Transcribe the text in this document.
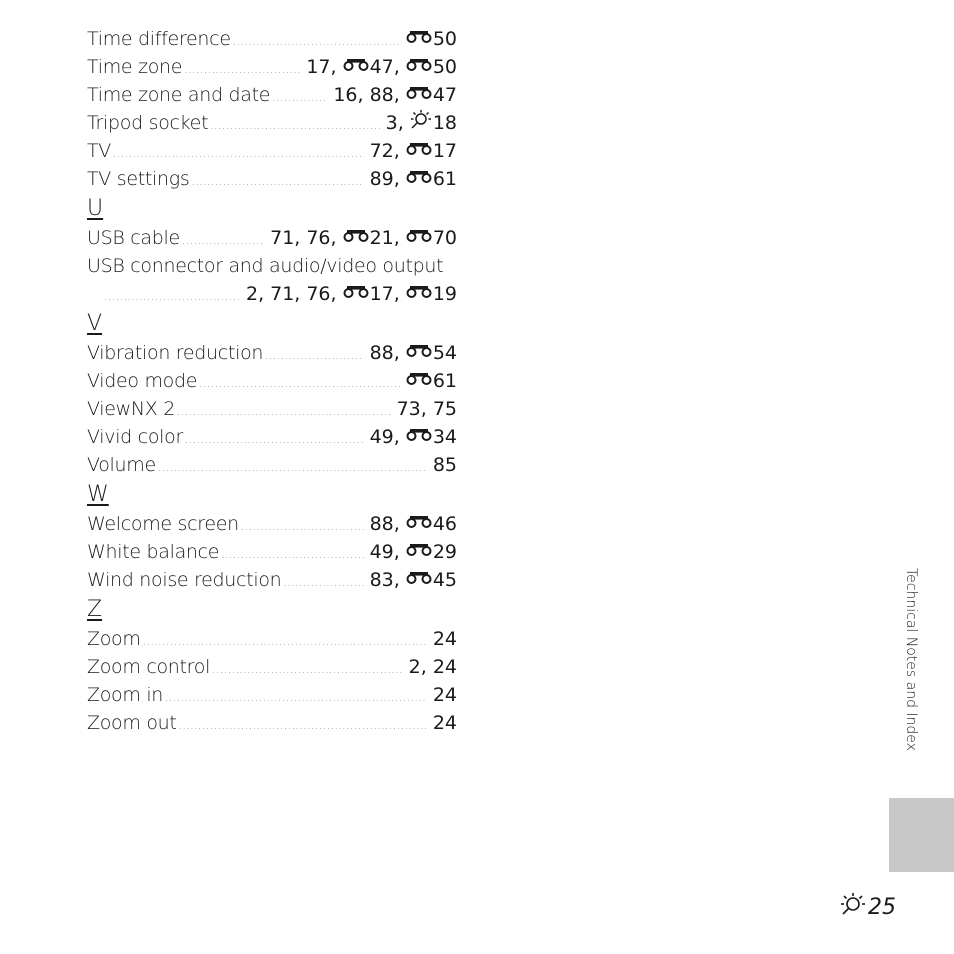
Time difference .....	50
Time zone .....	17 , 47 , 50
Time zone and date .....	16 , 88 , 47
Tripod socket .....	3 , 18
TV .....	72 , 17
TV settings .....	89 , 61
U
USB cable .....	71 , 76 , 21 , 70
USB connector and audio/video output
.....
2 , 71 , 76 , 17 , 19
V
Vibration reduction .....	88 , 54
Video mode .....	61
ViewNX 2 .....	73 , 75
Vivid color .....	49 , 34
Volume .....	85
W
Welcome screen .....	88 , 46
White balance .....	49 , 29
Wind noise reduction .....	83 , 45
Z
Zoom .....	24
Zoom control .....	2 , 24
Zoom in .....	24
Zoom out .....	24	Technical Notes and Index
25
